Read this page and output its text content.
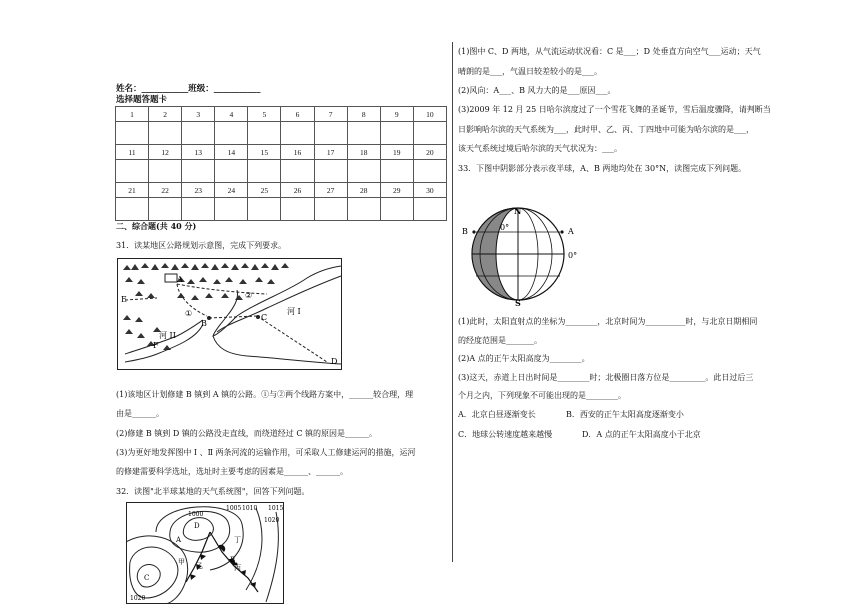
姓名：___________班级：___________
选择题答题卡
1	2	3	4	5	6	7	8	9	10

11	12	13	14	15	16	17	18	19	20

21	22	23	24	25	26	27	28	29	30

二、综合题(共 40 分)
31．读某地区公路规划示意图，完成下列要求。
A
E
B
C
D
F
①
②
河 I
河 II
(1)该地区计划修建 B 镇到 A 镇的公路。①与②两个线路方案中，______较合理，理
由是______。
(2)修建 B 镇到 D 镇的公路没走直线，而绕道经过 C 镇的原因是______。
(3)为更好地发挥图中 Ⅰ 、Ⅱ 两条河流的运输作用，可采取人工修建运河的措施，运河
的修建需要科学选址，选址时主要考虑的因素是______、______。
32．读图"北半球某地的天气系统图"，回答下列问题。
1000
1005 1010 1015
1020
1020
D
A
C
B
甲 乙	丙
丁
(1)图中 C、D 两地，从气流运动状况看：C 是___；D 处垂直方向空气___运动；天气
晴朗的是___，气温日较差较小的是___。
(2)风向：A___、B 风力大的是___原因___。
(3)2009 年 12 月 25 日哈尔滨度过了一个雪花飞舞的圣诞节，雪后温度骤降，请判断当
日影响哈尔滨的天气系统为___，此时甲、乙、丙、丁四地中可能为哈尔滨的是___，
该天气系统过境后哈尔滨的天气状况为：___。
33．下图中阴影部分表示夜半球，A、B 两地均处在 30°N，读图完成下列问题。
N
S
B	A
0°
0°
(1)此时，太阳直射点的坐标为________，北京时间为__________时，与北京日期相同
的经度范围是_______。
(2)A 点的正午太阳高度为________。
(3)这天，赤道上日出时间是________时；北极圈日落方位是_________。此日过后三
个月之内，下列现象不可能出现的是________。
A．北京白昼逐渐变长	B．西安的正午太阳高度逐渐变小
C．地球公转速度越来越慢	D．A 点的正午太阳高度小于北京
